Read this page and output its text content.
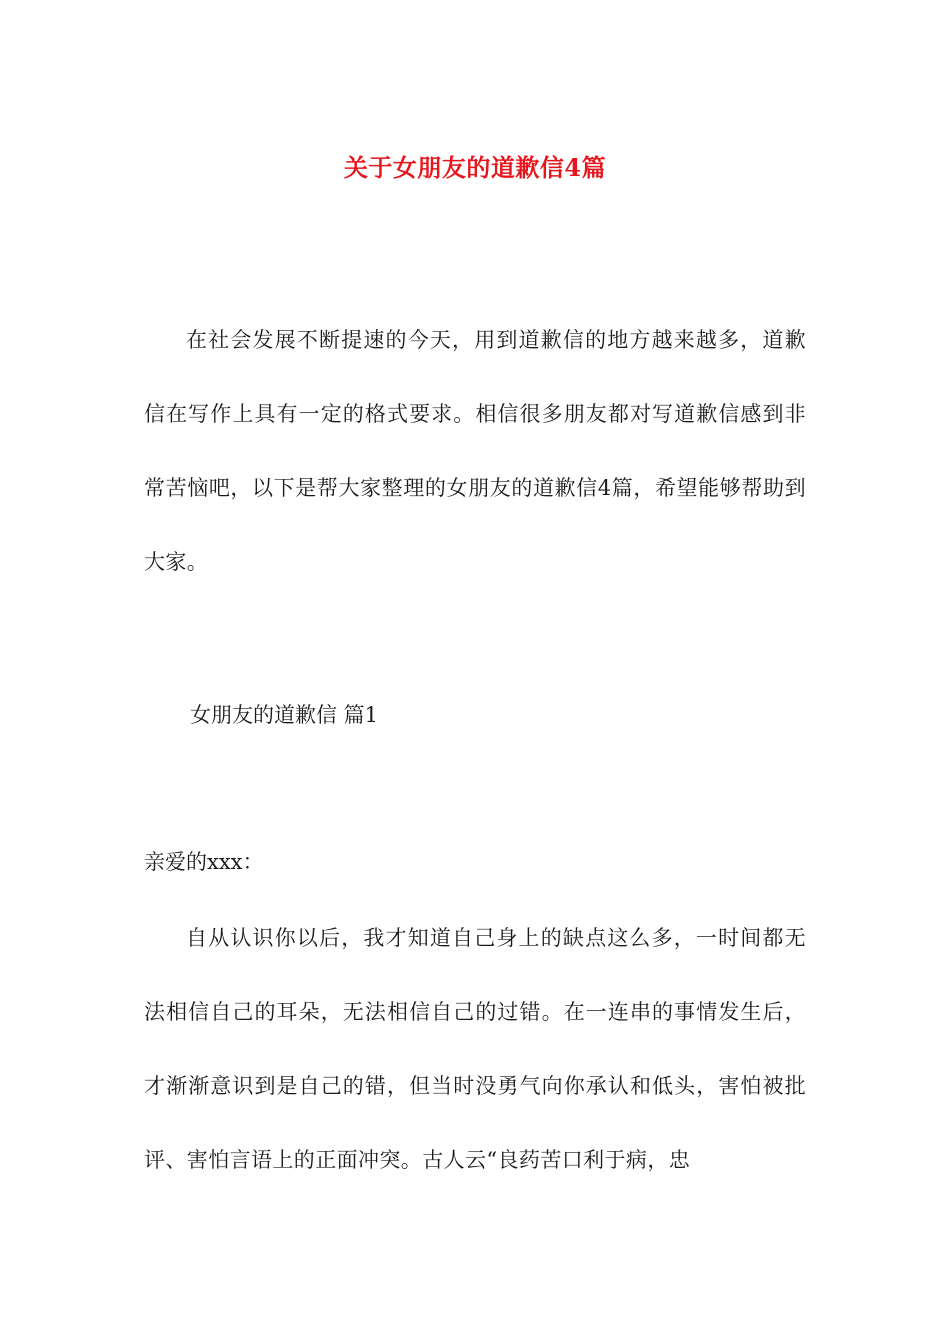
关于女朋友的道歉信4篇

在社会发展不断提速的今天，用到道歉信的地方越来越多，道歉信在写作上具有一定的格式要求。相信很多朋友都对写道歉信感到非常苦恼吧，以下是帮大家整理的女朋友的道歉信4篇，希望能够帮助到大家。

女朋友的道歉信 篇1

亲爱的xxx：

自从认识你以后，我才知道自己身上的缺点这么多，一时间都无法相信自己的耳朵，无法相信自己的过错。在一连串的事情发生后，才渐渐意识到是自己的错，但当时没勇气向你承认和低头，害怕被批评、害怕言语上的正面冲突。古人云“良药苦口利于病，忠
